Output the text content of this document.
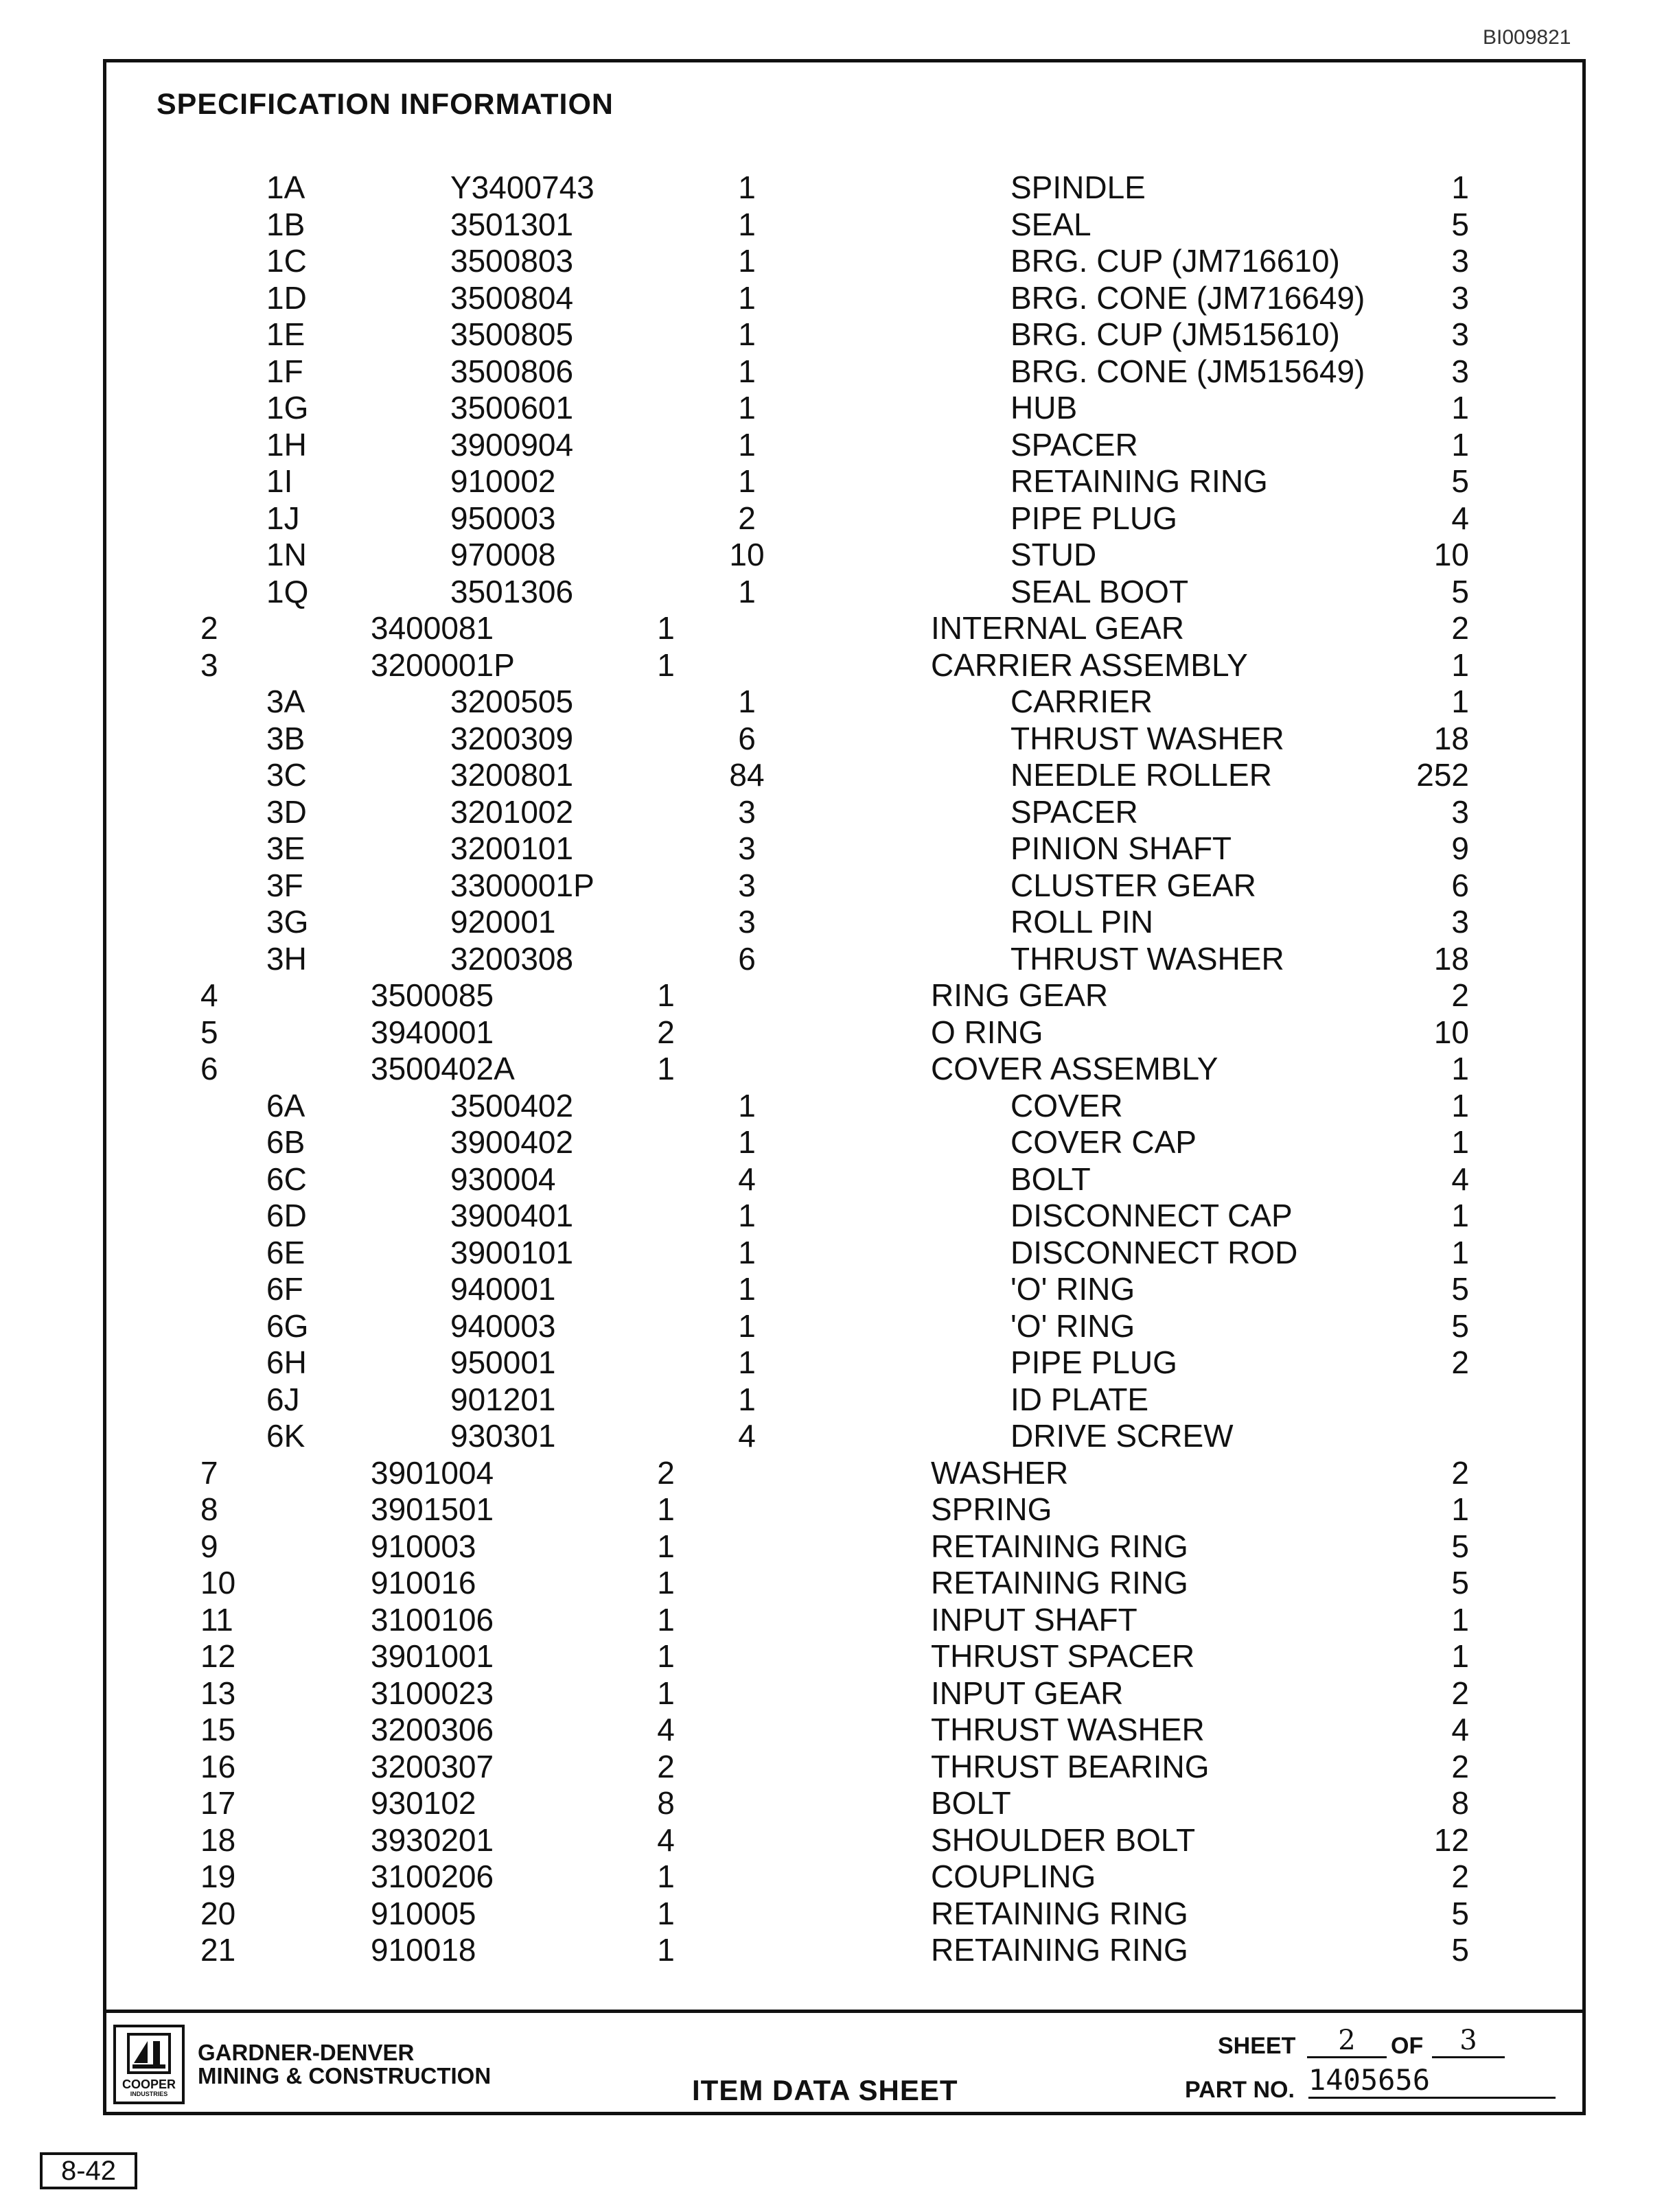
BI009821
SPECIFICATION INFORMATION
1A	Y3400743	1	SPINDLE	1
1B	3501301	1	SEAL	5
1C	3500803	1	BRG. CUP (JM716610)	3
1D	3500804	1	BRG. CONE (JM716649)	3
1E	3500805	1	BRG. CUP (JM515610)	3
1F	3500806	1	BRG. CONE (JM515649)	3
1G	3500601	1	HUB	1
1H	3900904	1	SPACER	1
1I	910002	1	RETAINING RING	5
1J	950003	2	PIPE PLUG	4
1N	970008	10	STUD	10
1Q	3501306	1	SEAL BOOT	5
2	3400081	1	INTERNAL GEAR	2
3	3200001P	1	CARRIER ASSEMBLY	1
3A	3200505	1	CARRIER	1
3B	3200309	6	THRUST WASHER	18
3C	3200801	84	NEEDLE ROLLER	252
3D	3201002	3	SPACER	3
3E	3200101	3	PINION SHAFT	9
3F	3300001P	3	CLUSTER GEAR	6
3G	920001	3	ROLL PIN	3
3H	3200308	6	THRUST WASHER	18
4	3500085	1	RING GEAR	2
5	3940001	2	O RING	10
6	3500402A	1	COVER ASSEMBLY	1
6A	3500402	1	COVER	1
6B	3900402	1	COVER CAP	1
6C	930004	4	BOLT	4
6D	3900401	1	DISCONNECT CAP	1
6E	3900101	1	DISCONNECT ROD	1
6F	940001	1	'O' RING	5
6G	940003	1	'O' RING	5
6H	950001	1	PIPE PLUG	2
6J	901201	1	ID PLATE
6K	930301	4	DRIVE SCREW
7	3901004	2	WASHER	2
8	3901501	1	SPRING	1
9	910003	1	RETAINING RING	5
10	910016	1	RETAINING RING	5
11	3100106	1	INPUT SHAFT	1
12	3901001	1	THRUST SPACER	1
13	3100023	1	INPUT GEAR	2
15	3200306	4	THRUST WASHER	4
16	3200307	2	THRUST BEARING	2
17	930102	8	BOLT	8
18	3930201	4	SHOULDER BOLT	12
19	3100206	1	COUPLING	2
20	910005	1	RETAINING RING	5
21	910018	1	RETAINING RING	5
COOPER
INDUSTRIES
GARDNER-DENVER
MINING & CONSTRUCTION	ITEM DATA SHEET
SHEET	2	OF	3
PART NO. 1405656
8-42
